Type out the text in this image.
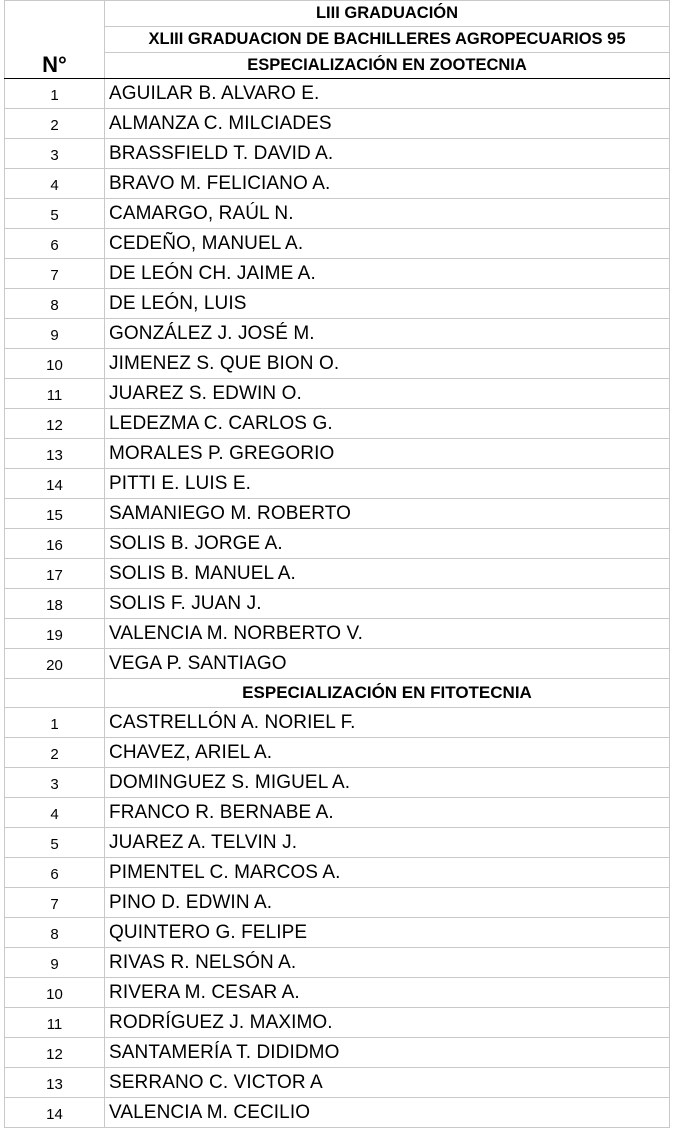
N°	LIII GRADUACIÓN
	XLIII GRADUACION DE BACHILLERES AGROPECUARIOS 95
	ESPECIALIZACIÓN EN ZOOTECNIA
1	AGUILAR B. ALVARO E.
2	ALMANZA C. MILCIADES
3	BRASSFIELD T. DAVID A.
4	BRAVO M. FELICIANO A.
5	CAMARGO, RAÚL N.
6	CEDEÑO, MANUEL A.
7	DE LEÓN CH. JAIME A.
8	DE LEÓN, LUIS
9	GONZÁLEZ J. JOSÉ M.
10	JIMENEZ S. QUE BION O.
11	JUAREZ S. EDWIN O.
12	LEDEZMA C. CARLOS G.
13	MORALES P. GREGORIO
14	PITTI E. LUIS E.
15	SAMANIEGO M. ROBERTO
16	SOLIS B. JORGE A.
17	SOLIS B. MANUEL A.
18	SOLIS F. JUAN J.
19	VALENCIA M. NORBERTO V.
20	VEGA P. SANTIAGO
	ESPECIALIZACIÓN EN FITOTECNIA
1	CASTRELLÓN A. NORIEL F.
2	CHAVEZ, ARIEL A.
3	DOMINGUEZ S. MIGUEL A.
4	FRANCO R. BERNABE A.
5	JUAREZ A. TELVIN J.
6	PIMENTEL C. MARCOS A.
7	PINO D. EDWIN A.
8	QUINTERO G. FELIPE
9	RIVAS R. NELSÓN A.
10	RIVERA M. CESAR A.
11	RODRÍGUEZ J. MAXIMO.
12	SANTAMERÍA T. DIDIDMO
13	SERRANO C. VICTOR A
14	VALENCIA M. CECILIO
